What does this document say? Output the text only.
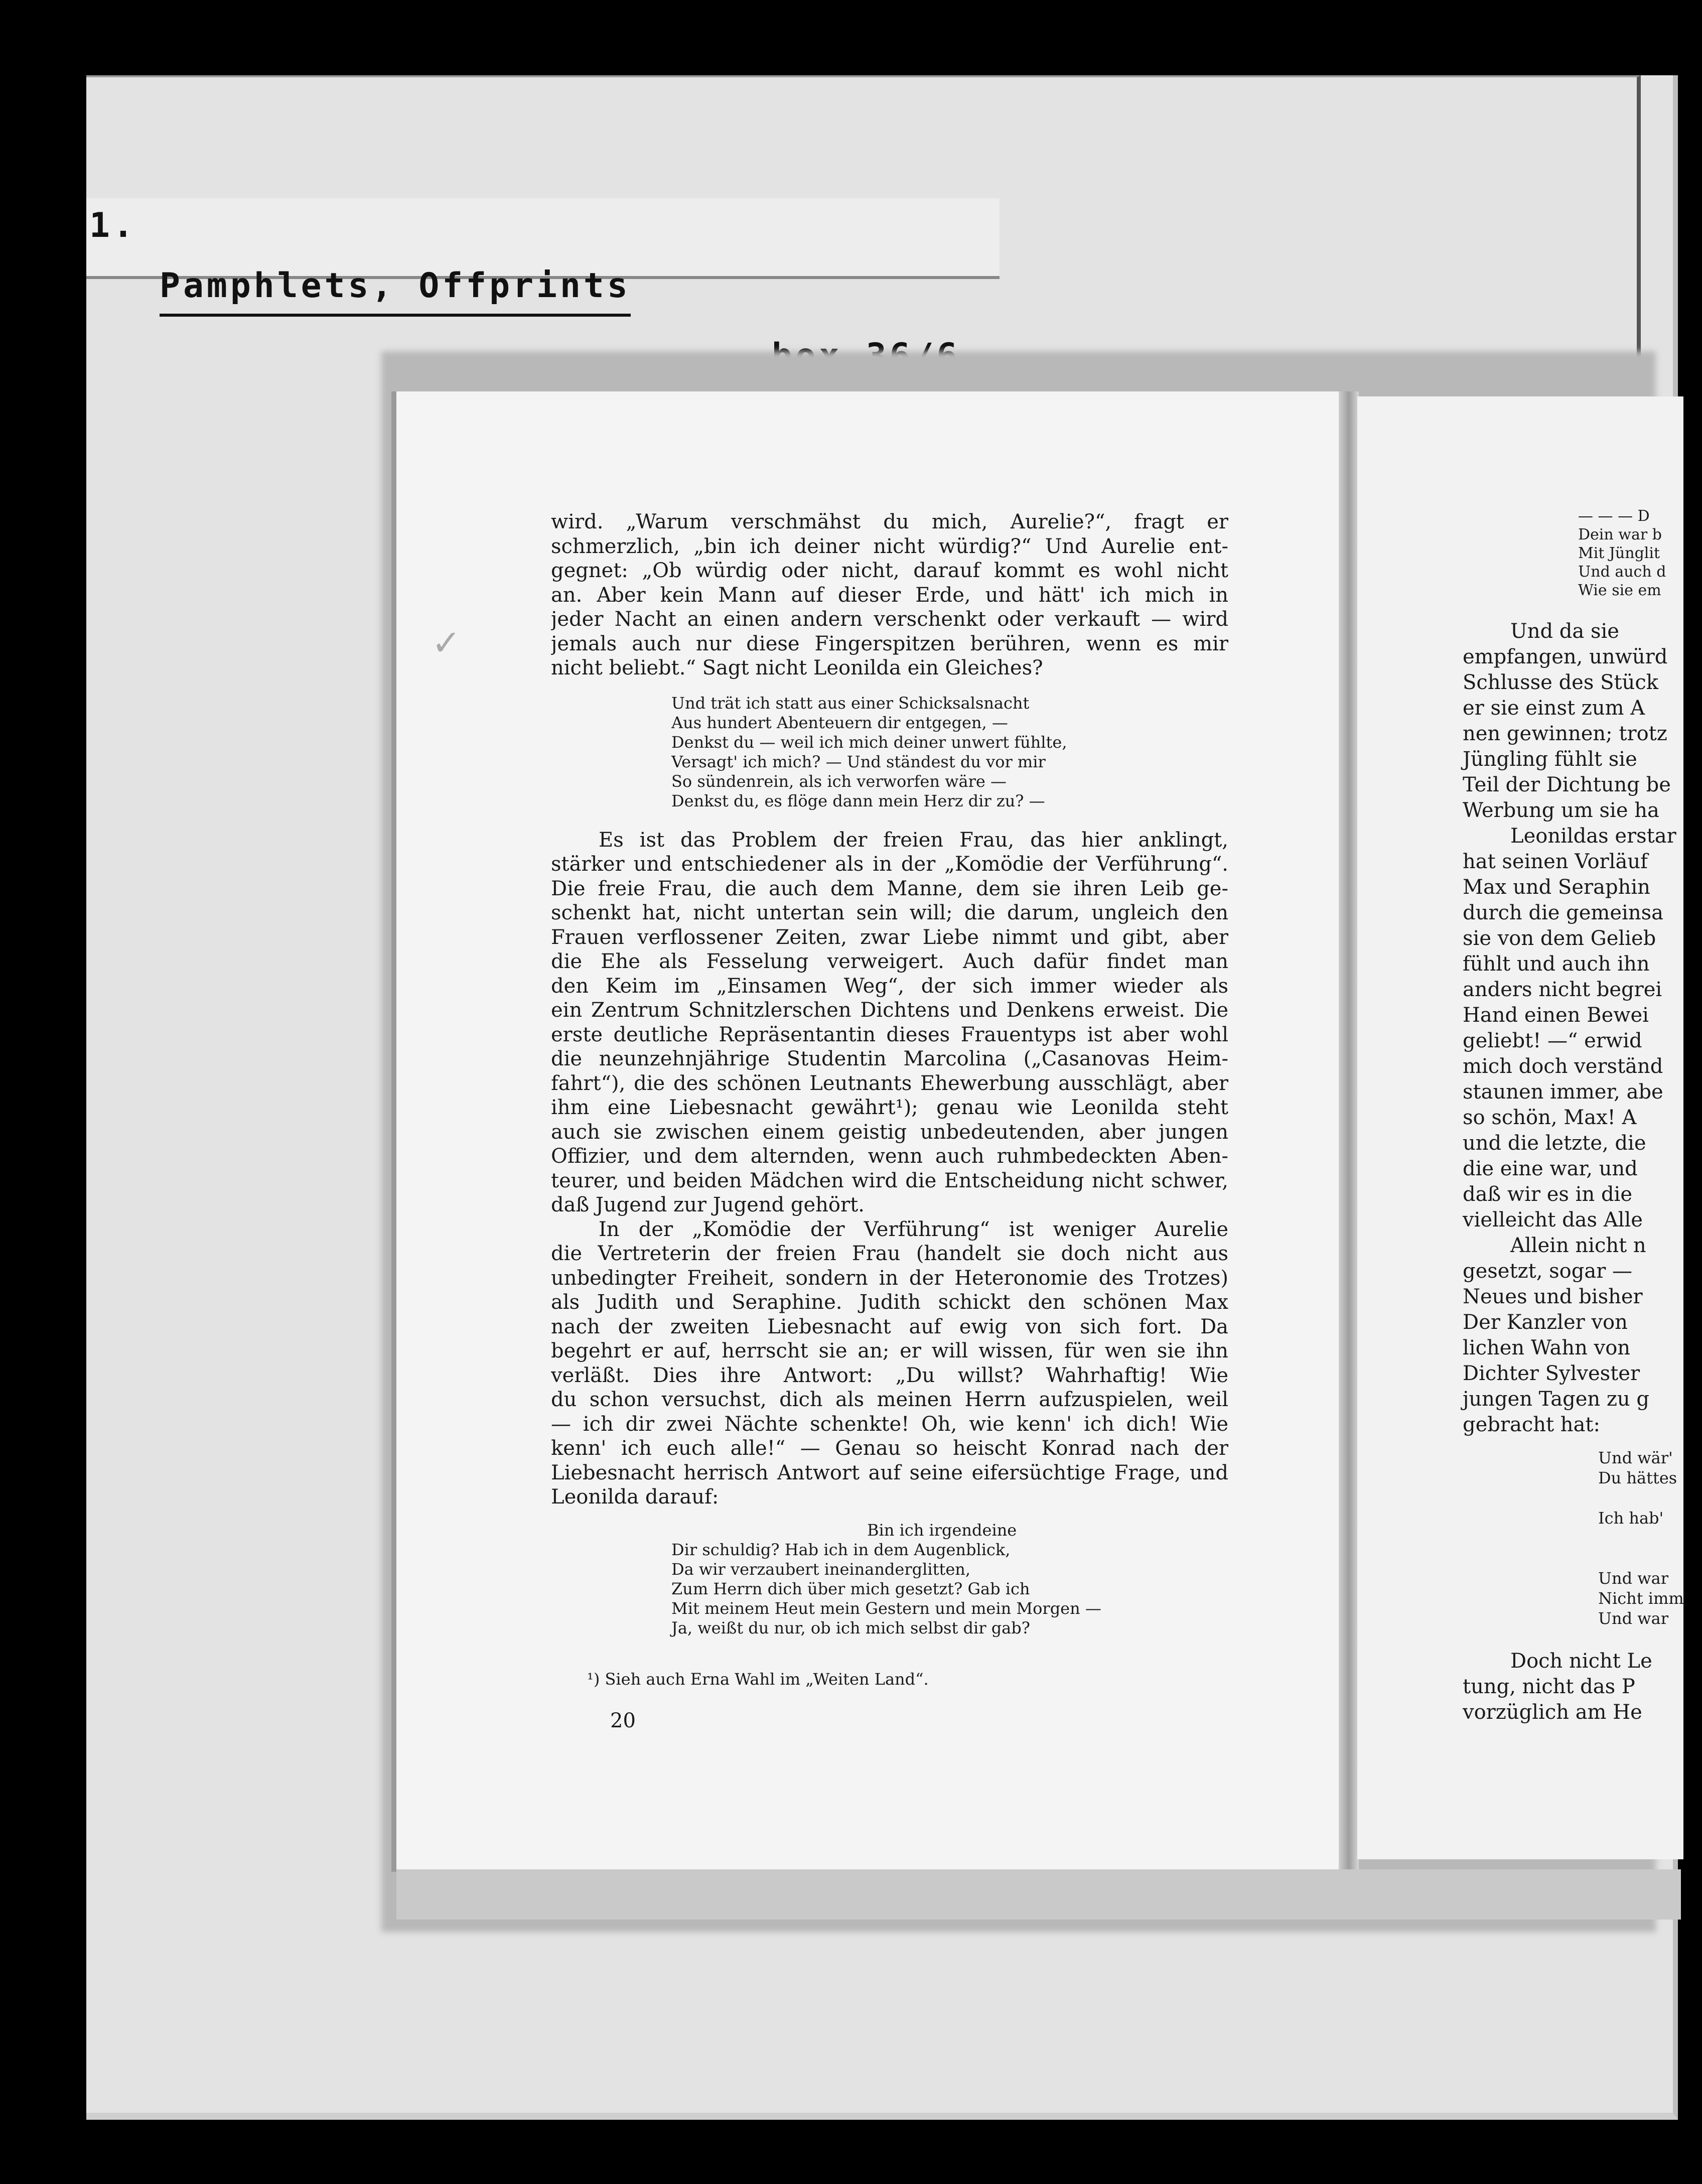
1.

Pamphlets, Offprints

✓
wird. „Warum verschmähst du mich, Aurelie?“, fragt er
schmerzlich, „bin ich deiner nicht würdig?“ Und Aurelie ent-
gegnet: „Ob würdig oder nicht, darauf kommt es wohl nicht
an. Aber kein Mann auf dieser Erde, und hätt' ich mich in
jeder Nacht an einen andern verschenkt oder verkauft — wird
jemals auch nur diese Fingerspitzen berühren, wenn es mir
nicht beliebt.“ Sagt nicht Leonilda ein Gleiches?
Und trät ich statt aus einer Schicksalsnacht
Aus hundert Abenteuern dir entgegen, —
Denkst du — weil ich mich deiner unwert fühlte,
Versagt' ich mich? — Und ständest du vor mir
So sündenrein, als ich verworfen wäre —
Denkst du, es flöge dann mein Herz dir zu? —
Es ist das Problem der freien Frau, das hier anklingt,
stärker und entschiedener als in der „Komödie der Verführung“.
Die freie Frau, die auch dem Manne, dem sie ihren Leib ge-
schenkt hat, nicht untertan sein will; die darum, ungleich den
Frauen verflossener Zeiten, zwar Liebe nimmt und gibt, aber
die Ehe als Fesselung verweigert. Auch dafür findet man
den Keim im „Einsamen Weg“, der sich immer wieder als
ein Zentrum Schnitzlerschen Dichtens und Denkens erweist. Die
erste deutliche Repräsentantin dieses Frauentyps ist aber wohl
die neunzehnjährige Studentin Marcolina („Casanovas Heim-
fahrt“), die des schönen Leutnants Ehewerbung ausschlägt, aber
ihm eine Liebesnacht gewährt¹); genau wie Leonilda steht
auch sie zwischen einem geistig unbedeutenden, aber jungen
Offizier, und dem alternden, wenn auch ruhmbedeckten Aben-
teurer, und beiden Mädchen wird die Entscheidung nicht schwer,
daß Jugend zur Jugend gehört.
In der „Komödie der Verführung“ ist weniger Aurelie
die Vertreterin der freien Frau (handelt sie doch nicht aus
unbedingter Freiheit, sondern in der Heteronomie des Trotzes)
als Judith und Seraphine. Judith schickt den schönen Max
nach der zweiten Liebesnacht auf ewig von sich fort. Da
begehrt er auf, herrscht sie an; er will wissen, für wen sie ihn
verläßt. Dies ihre Antwort: „Du willst? Wahrhaftig! Wie
du schon versuchst, dich als meinen Herrn aufzuspielen, weil
— ich dir zwei Nächte schenkte! Oh, wie kenn' ich dich! Wie
kenn' ich euch alle!“ — Genau so heischt Konrad nach der
Liebesnacht herrisch Antwort auf seine eifersüchtige Frage, und
Leonilda darauf:
Bin ich irgendeine
Dir schuldig? Hab ich in dem Augenblick,
Da wir verzaubert ineinanderglitten,
Zum Herrn dich über mich gesetzt? Gab ich
Mit meinem Heut mein Gestern und mein Morgen —
Ja, weißt du nur, ob ich mich selbst dir gab?
¹) Sieh auch Erna Wahl im „Weiten Land“.
20
— — — D
Dein war b
Mit Jünglit
Und auch d
Wie sie em
Und da sie
empfangen, unwürd
Schlusse des Stück
er sie einst zum A
nen gewinnen; trotz
Jüngling fühlt sie
Teil der Dichtung be
Werbung um sie ha
Leonildas erstar
hat seinen Vorläuf
Max und Seraphin
durch die gemeinsa
sie von dem Gelieb
fühlt und auch ihn
anders nicht begrei
Hand einen Bewei
geliebt! —“ erwid
mich doch verständ
staunen immer, abe
so schön, Max! A
und die letzte, die
die eine war, und
daß wir es in die
vielleicht das Alle
Allein nicht n
gesetzt, sogar —
Neues und bisher
Der Kanzler von
lichen Wahn von
Dichter Sylvester
jungen Tagen zu g
gebracht hat:
Und wär'
Du hättes

Ich hab'

Und war
Nicht imm
Und war
Doch nicht Le
tung, nicht das P
vorzüglich am He
